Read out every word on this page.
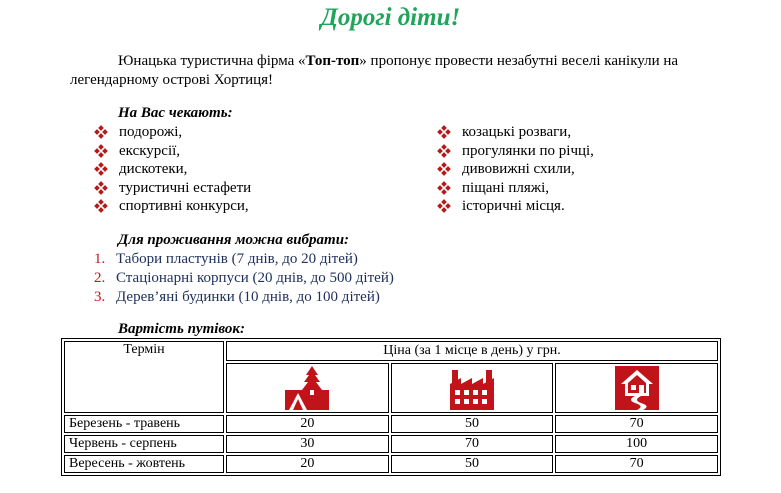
Дорогі діти!
Юнацька туристична фірма «Топ-топ» пропонує провести незабутні веселі канікули на легендарному острові Хортиця!
На Вас чекають:
подорожі,
екскурсії,
дискотеки,
туристичні естафети
спортивні конкурси,
козацькі розваги,
прогулянки по річці,
дивовижні схили,
піщані пляжі,
історичні місця.
Для проживання можна вибрати:
1. Табори пластунів (7 днів, до 20 дітей)
2. Стаціонарні корпуси (20 днів, до 500 дітей)
3. Дерев’яні будинки (10 днів, до 100 дітей)
Вартість путівок:
Термін	Ціна (за 1 місце в день) у грн.		

Березень - травень	20	50	70
Червень - серпень	30	70	100
Вересень - жовтень	20	50	70
